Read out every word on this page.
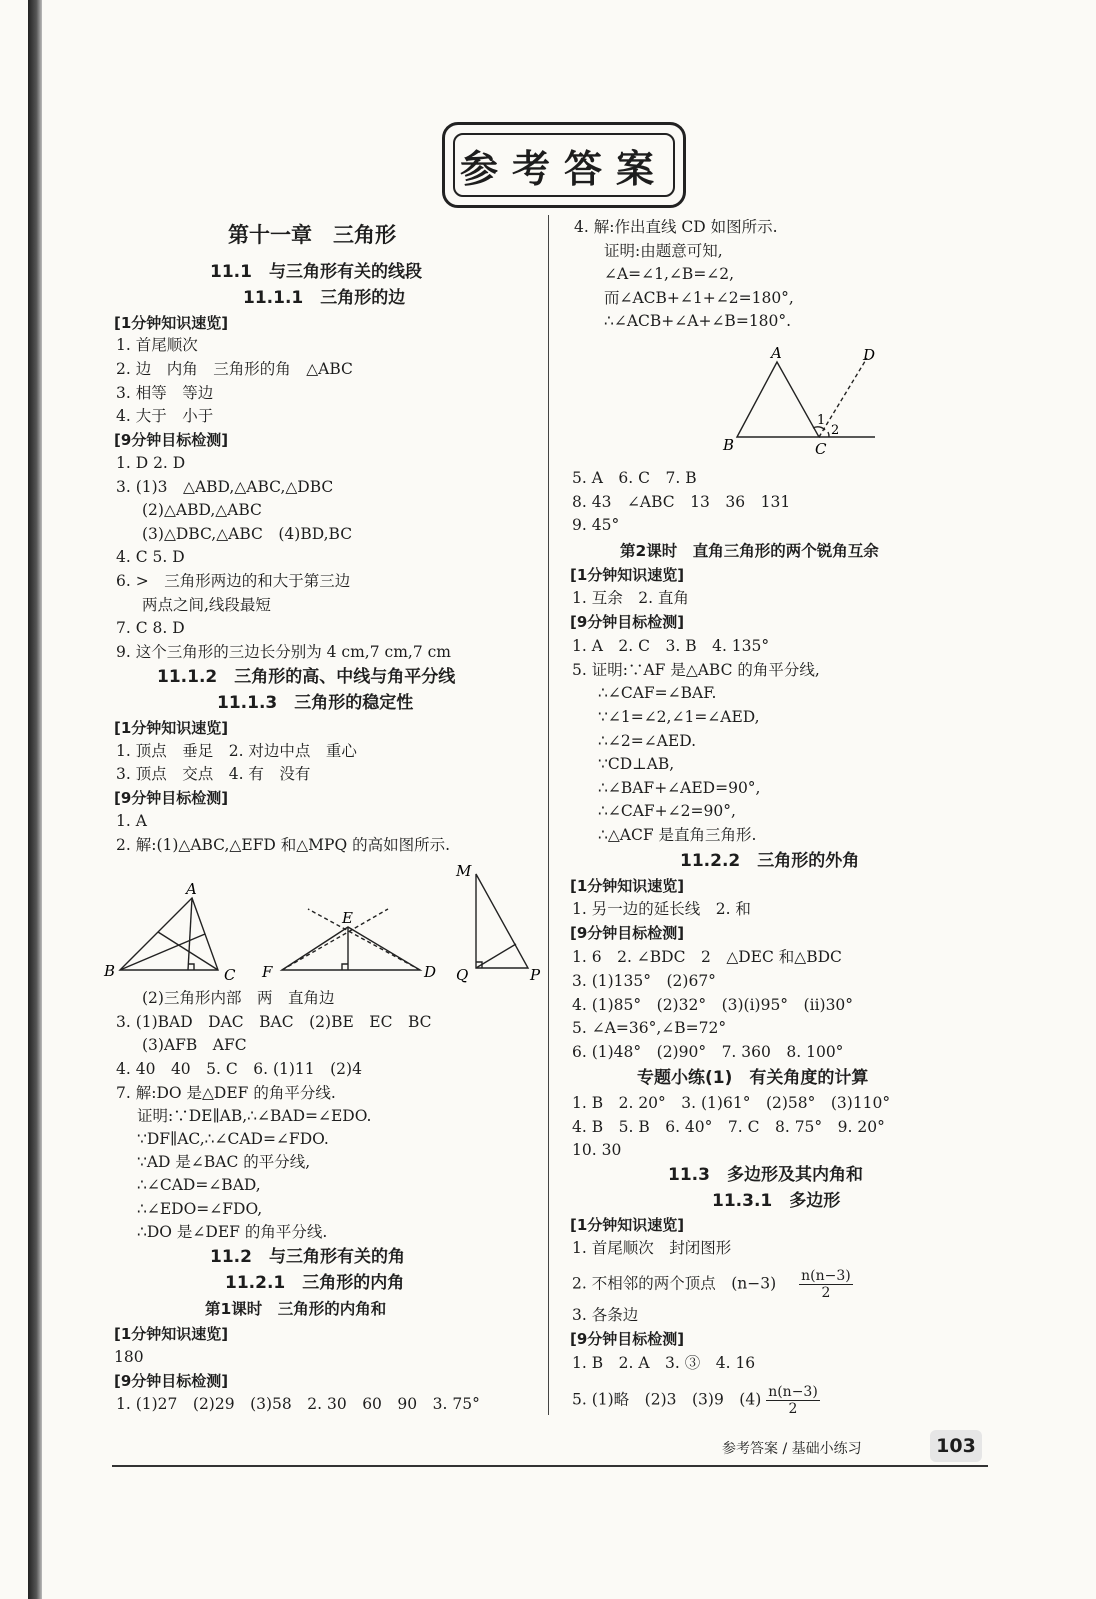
参考答案
第十一章　三角形
11.1　与三角形有关的线段
11.1.1　三角形的边
[1分钟知识速览]
1. 首尾顺次
2. 边　内角　三角形的角　△ABC
3. 相等　等边
4. 大于　小于
[9分钟目标检测]
1. D 2. D
3. (1)3　△ABD,△ABC,△DBC
(2)△ABD,△ABC
(3)△DBC,△ABC　(4)BD,BC
4. C 5. D
6. >　三角形两边的和大于第三边
两点之间,线段最短
7. C 8. D
9. 这个三角形的三边长分别为 4 cm,7 cm,7 cm
11.1.2　三角形的高、中线与角平分线
11.1.3　三角形的稳定性
[1分钟知识速览]
1. 顶点　垂足　2. 对边中点　重心
3. 顶点　交点　4. 有　没有
[9分钟目标检测]
1. A
2. 解:(1)△ABC,△EFD 和△MPQ 的高如图所示.
(2)三角形内部　两　直角边
3. (1)BAD　DAC　BAC　(2)BE　EC　BC
(3)AFB　AFC
4. 40　40　5. C　6. (1)11　(2)4
7. 解:DO 是△DEF 的角平分线.
证明:∵DE∥AB,∴∠BAD=∠EDO.
∵DF∥AC,∴∠CAD=∠FDO.
∵AD 是∠BAC 的平分线,
∴∠CAD=∠BAD,
∴∠EDO=∠FDO,
∴DO 是∠DEF 的角平分线.
11.2　与三角形有关的角
11.2.1　三角形的内角
第1课时　三角形的内角和
[1分钟知识速览]
180
[9分钟目标检测]
1. (1)27　(2)29　(3)58　2. 30　60　90　3. 75°
4. 解:作出直线 CD 如图所示.
证明:由题意可知,
∠A=∠1,∠B=∠2,
而∠ACB+∠1+∠2=180°,
∴∠ACB+∠A+∠B=180°.
5. A　6. C　7. B
8. 43　∠ABC　13　36　131
9. 45°
第2课时　直角三角形的两个锐角互余
[1分钟知识速览]
1. 互余　2. 直角
[9分钟目标检测]
1. A　2. C　3. B　4. 135°
5. 证明:∵AF 是△ABC 的角平分线,
∴∠CAF=∠BAF.
∵∠1=∠2,∠1=∠AED,
∴∠2=∠AED.
∵CD⊥AB,
∴∠BAF+∠AED=90°,
∴∠CAF+∠2=90°,
∴△ACF 是直角三角形.
11.2.2　三角形的外角
[1分钟知识速览]
1. 另一边的延长线　2. 和
[9分钟目标检测]
1. 6　2. ∠BDC　2　△DEC 和△BDC
3. (1)135°　(2)67°
4. (1)85°　(2)32°　(3)(ⅰ)95°　(ⅱ)30°
5. ∠A=36°,∠B=72°
6. (1)48°　(2)90°　7. 360　8. 100°
专题小练(1)　有关角度的计算
1. B　2. 20°　3. (1)61°　(2)58°　(3)110°
4. B　5. B　6. 40°　7. C　8. 75°　9. 20°
10. 30
11.3　多边形及其内角和
11.3.1　多边形
[1分钟知识速览]
1. 首尾顺次　封闭图形
3. 各条边
[9分钟目标检测]
1. B　2. A　3. ③　4. 16
2. 不相邻的两个顶点　$(n-3) \frac{n(n-3)}{2}$
5. (1)略　(2)3　(3)9　$(4) \frac{n(n-3)}{2}$
A
B	C
E
F	D
M
Q	P
A	D
B	C
1
2
参考答案 / 基础小练习	103
